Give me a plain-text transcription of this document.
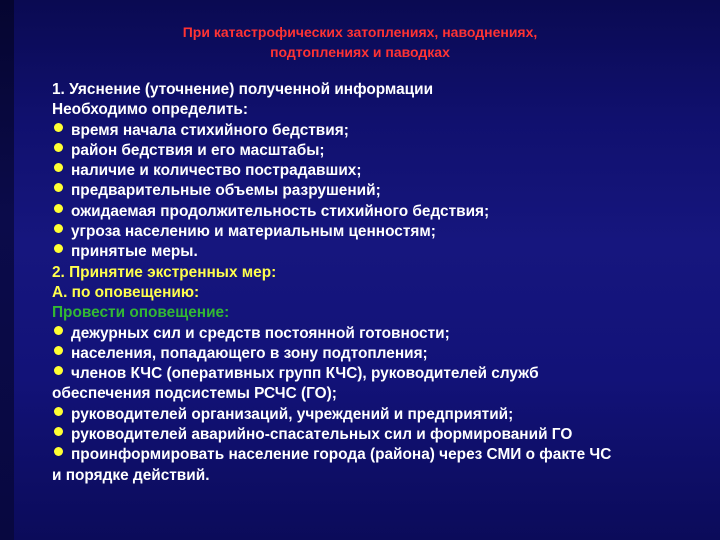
При катастрофических затоплениях, наводнениях,
подтоплениях и паводках
1. Уяснение (уточнение) полученной информации
Необходимо определить:
время начала стихийного бедствия;
район бедствия и его масштабы;
наличие и количество пострадавших;
предварительные объемы разрушений;
ожидаемая продолжительность стихийного бедствия;
угроза населению и материальным ценностям;
принятые меры.
2. Принятие экстренных мер:
А. по оповещению:
Провести оповещение:
дежурных сил и средств постоянной готовности;
населения, попадающего в зону подтопления;
членов КЧС (оперативных групп КЧС), руководителей служб
обеспечения подсистемы РСЧС (ГО);
руководителей организаций, учреждений и предприятий;
руководителей аварийно-спасательных сил и формирований ГО
проинформировать население города (района) через СМИ о факте ЧС
и порядке действий.
